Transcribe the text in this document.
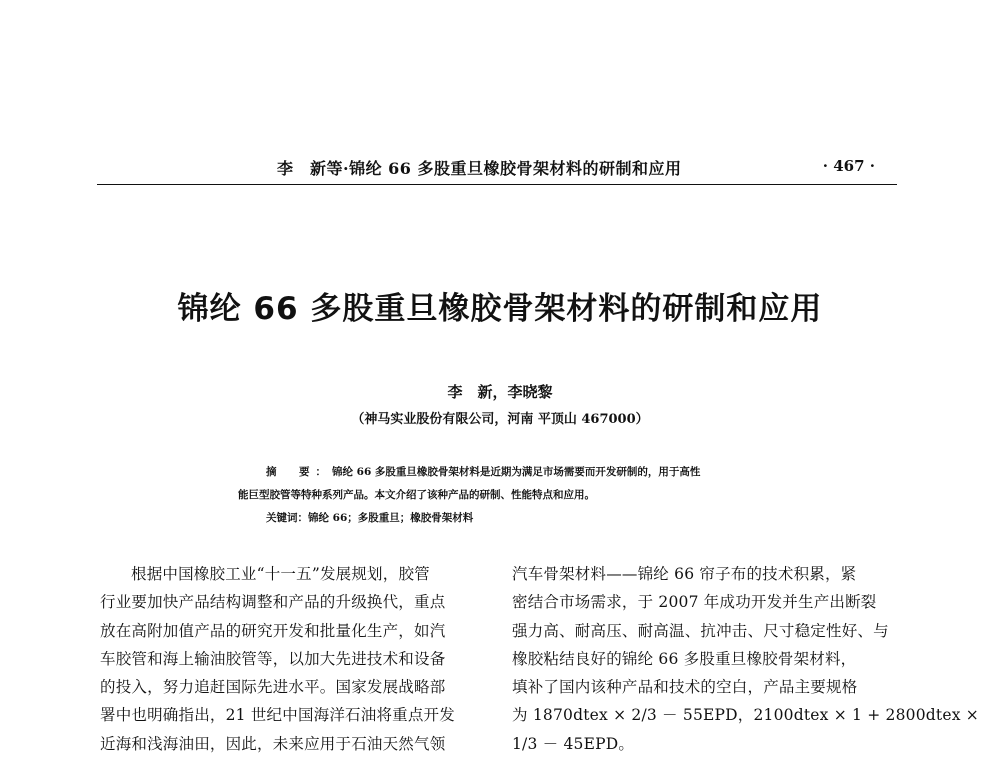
李　新等·锦纶 66 多股重旦橡胶骨架材料的研制和应用	· 467 ·
锦纶 66 多股重旦橡胶骨架材料的研制和应用
李　新，李晓黎
（神马实业股份有限公司，河南 平顶山 467000）
摘　要：锦纶 66 多股重旦橡胶骨架材料是近期为满足市场需要而开发研制的，用于高性
能巨型胶管等特种系列产品。本文介绍了该种产品的研制、性能特点和应用。
关键词：锦纶 66；多股重旦；橡胶骨架材料
根据中国橡胶工业“十一五”发展规划，胶管
行业要加快产品结构调整和产品的升级换代，重点
放在高附加值产品的研究开发和批量化生产，如汽
车胶管和海上输油胶管等，以加大先进技术和设备
的投入，努力追赶国际先进水平。国家发展战略部
署中也明确指出，21 世纪中国海洋石油将重点开发
近海和浅海油田，因此，未来应用于石油天然气领
汽车骨架材料——锦纶 66 帘子布的技术积累，紧
密结合市场需求，于 2007 年成功开发并生产出断裂
强力高、耐高压、耐高温、抗冲击、尺寸稳定性好、与
橡胶粘结良好的锦纶 66 多股重旦橡胶骨架材料，
填补了国内该种产品和技术的空白，产品主要规格
为 1870dtex × 2/3 － 55EPD，2100dtex × 1 + 2800dtex ×
1/3 － 45EPD。
